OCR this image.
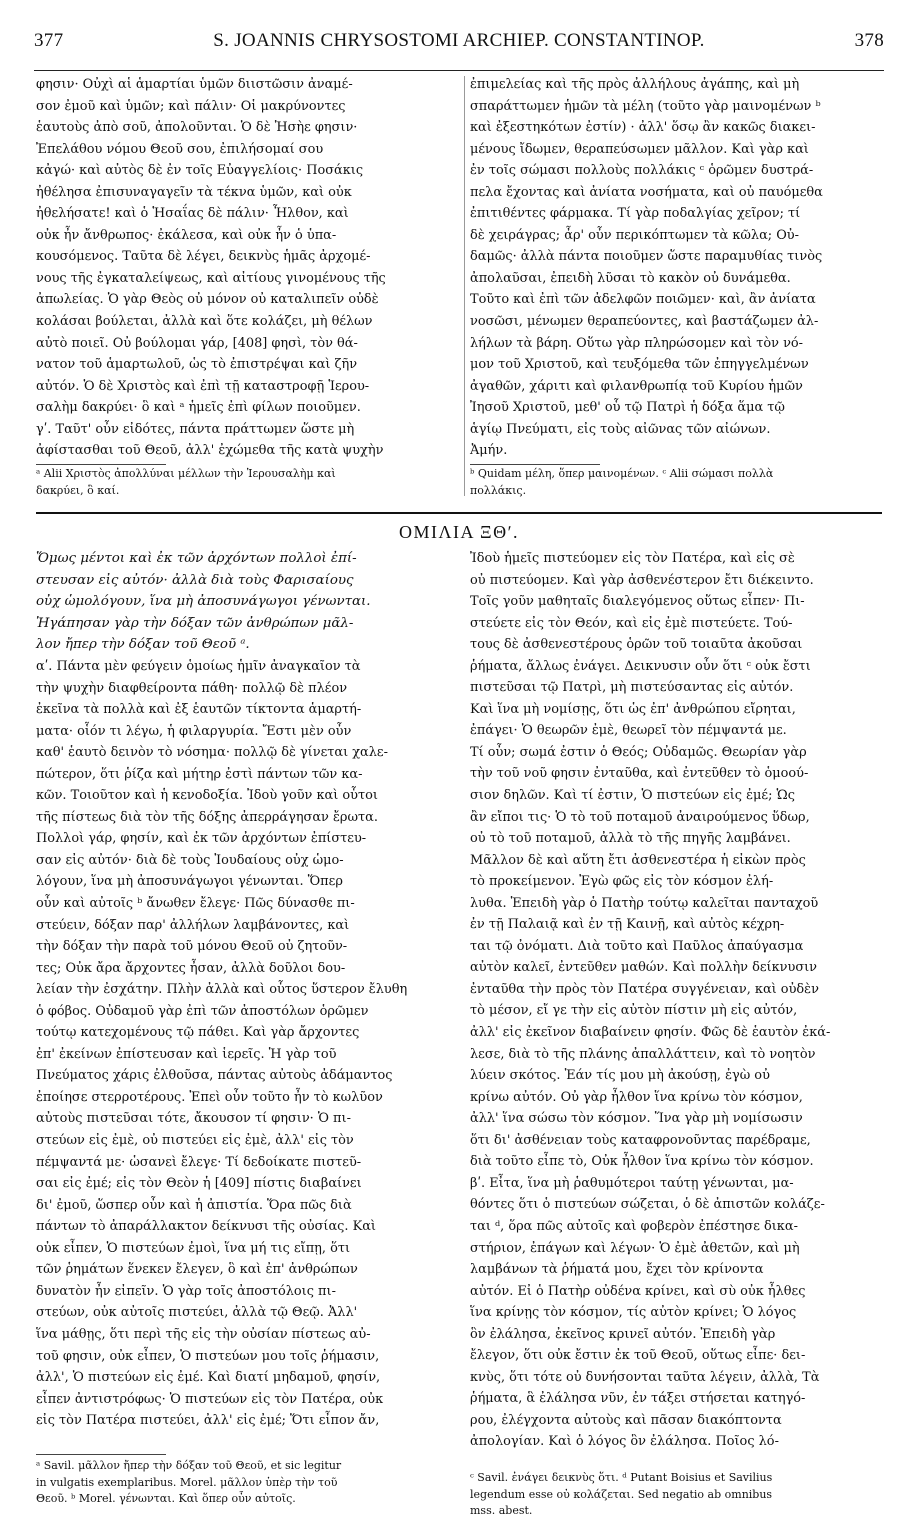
377	S. JOANNIS CHRYSOSTOMI ARCHIEP. CONSTANTINOP.	378

φησιν· Οὐχὶ αἱ ἁμαρτίαι ὑμῶν διιστῶσιν ἀναμέ-
σον ἐμοῦ καὶ ὑμῶν; καὶ πάλιν· Οἱ μακρύνοντες
ἑαυτοὺς ἀπὸ σοῦ, ἀπολοῦνται. Ὁ δὲ Ἠσὴε φησιν·
Ἐπελάθου νόμου Θεοῦ σου, ἐπιλήσομαί σου
κἀγώ· καὶ αὐτὸς δὲ ἐν τοῖς Εὐαγγελίοις· Ποσάκις
ἠθέλησα ἐπισυναγαγεῖν τὰ τέκνα ὑμῶν, καὶ οὐκ
ἠθελήσατε! καὶ ὁ Ἡσαΐας δὲ πάλιν· Ἦλθον, καὶ
οὐκ ἦν ἄνθρωπος· ἐκάλεσα, καὶ οὐκ ἦν ὁ ὑπα-
κουσόμενος. Ταῦτα δὲ λέγει, δεικνὺς ἡμᾶς ἀρχομέ-
νους τῆς ἐγκαταλείψεως, καὶ αἰτίους γινομένους τῆς
ἀπωλείας. Ὁ γὰρ Θεὸς οὐ μόνον οὐ καταλιπεῖν οὐδὲ
κολάσαι βούλεται, ἀλλὰ καὶ ὅτε κολάζει, μὴ θέλων
αὐτὸ ποιεῖ. Οὐ βούλομαι γάρ, [408] φησὶ, τὸν θά-
νατον τοῦ ἁμαρτωλοῦ, ὡς τὸ ἐπιστρέψαι καὶ ζῆν
αὐτόν. Ὁ δὲ Χριστὸς καὶ ἐπὶ τῇ καταστροφῇ Ἱερου-
σαλὴμ δακρύει· ὃ καὶ ᵃ ἡμεῖς ἐπὶ φίλων ποιοῦμεν.
γʹ. Ταῦτ' οὖν εἰδότες, πάντα πράττωμεν ὥστε μὴ
ἀφίστασθαι τοῦ Θεοῦ, ἀλλ' ἐχώμεθα τῆς κατὰ ψυχὴν

ἐπιμελείας καὶ τῆς πρὸς ἀλλήλους ἀγάπης, καὶ μὴ
σπαράττωμεν ἡμῶν τὰ μέλη (τοῦτο γὰρ μαινομένων ᵇ
καὶ ἐξεστηκότων ἐστίν) · ἀλλ' ὅσῳ ἂν κακῶς διακει-
μένους ἴδωμεν, θεραπεύσωμεν μᾶλλον. Καὶ γὰρ καὶ
ἐν τοῖς σώμασι πολλοὺς πολλάκις ᶜ ὁρῶμεν δυστρά-
πελα ἔχοντας καὶ ἀνίατα νοσήματα, καὶ οὐ παυόμεθα
ἐπιτιθέντες φάρμακα. Τί γὰρ ποδαλγίας χεῖρον; τί
δὲ χειράγρας; ἆρ' οὖν περικόπτωμεν τὰ κῶλα; Οὐ-
δαμῶς· ἀλλὰ πάντα ποιοῦμεν ὥστε παραμυθίας τινὸς
ἀπολαῦσαι, ἐπειδὴ λῦσαι τὸ κακὸν οὐ δυνάμεθα.
Τοῦτο καὶ ἐπὶ τῶν ἀδελφῶν ποιῶμεν· καὶ, ἂν ἀνίατα
νοσῶσι, μένωμεν θεραπεύοντες, καὶ βαστάζωμεν ἀλ-
λήλων τὰ βάρη. Οὕτω γὰρ πληρώσομεν καὶ τὸν νό-
μον τοῦ Χριστοῦ, καὶ τευξόμεθα τῶν ἐπηγγελμένων
ἀγαθῶν, χάριτι καὶ φιλανθρωπίᾳ τοῦ Κυρίου ἡμῶν
Ἰησοῦ Χριστοῦ, μεθ' οὗ τῷ Πατρὶ ἡ δόξα ἅμα τῷ
ἁγίῳ Πνεύματι, εἰς τοὺς αἰῶνας τῶν αἰώνων.
Ἀμήν.

ᵃ Alii Χριστὸς ἀπολλύναι μέλλων τὴν Ἱερουσαλὴμ καὶ
δακρύει, ὃ καί.
ᵇ Quidam μέλη, ὅπερ μαινομένων. ᶜ Alii σώμασι πολλὰ
πολλάκις.
ΟΜΙΛΙΑ ΞΘʹ.
Ὅμως μέντοι καὶ ἐκ τῶν ἀρχόντων πολλοὶ ἐπί-
στευσαν εἰς αὐτόν· ἀλλὰ διὰ τοὺς Φαρισαίους
οὐχ ὡμολόγουν, ἵνα μὴ ἀποσυνάγωγοι γένωνται.
Ἠγάπησαν γὰρ τὴν δόξαν τῶν ἀνθρώπων μᾶλ-
λον ἤπερ τὴν δόξαν τοῦ Θεοῦ ᵃ.

αʹ. Πάντα μὲν φεύγειν ὁμοίως ἡμῖν ἀναγκαῖον τὰ
τὴν ψυχὴν διαφθείροντα πάθη· πολλῷ δὲ πλέον
ἐκεῖνα τὰ πολλὰ καὶ ἐξ ἑαυτῶν τίκτοντα ἁμαρτή-
ματα· οἷόν τι λέγω, ἡ φιλαργυρία. Ἔστι μὲν οὖν
καθ' ἑαυτὸ δεινὸν τὸ νόσημα· πολλῷ δὲ γίνεται χαλε-
πώτερον, ὅτι ῥίζα καὶ μήτηρ ἐστὶ πάντων τῶν κα-
κῶν. Τοιοῦτον καὶ ἡ κενοδοξία. Ἰδοὺ γοῦν καὶ οὗτοι
τῆς πίστεως διὰ τὸν τῆς δόξης ἀπερράγησαν ἔρωτα.
Πολλοὶ γάρ, φησίν, καὶ ἐκ τῶν ἀρχόντων ἐπίστευ-
σαν εἰς αὐτόν· διὰ δὲ τοὺς Ἰουδαίους οὐχ ὡμο-
λόγουν, ἵνα μὴ ἀποσυνάγωγοι γένωνται. Ὅπερ
οὖν καὶ αὐτοῖς ᵇ ἄνωθεν ἔλεγε· Πῶς δύνασθε πι-
στεύειν, δόξαν παρ' ἀλλήλων λαμβάνοντες, καὶ
τὴν δόξαν τὴν παρὰ τοῦ μόνου Θεοῦ οὐ ζητοῦν-
τες; Οὐκ ἄρα ἄρχοντες ἦσαν, ἀλλὰ δοῦλοι δου-
λείαν τὴν ἐσχάτην. Πλὴν ἀλλὰ καὶ οὗτος ὕστερον ἔλυθη
ὁ φόβος. Οὐδαμοῦ γὰρ ἐπὶ τῶν ἀποστόλων ὁρῶμεν
τούτῳ κατεχομένους τῷ πάθει. Καὶ γὰρ ἄρχοντες
ἐπ' ἐκείνων ἐπίστευσαν καὶ ἱερεῖς. Ἡ γὰρ τοῦ
Πνεύματος χάρις ἐλθοῦσα, πάντας αὐτοὺς ἀδάμαντος
ἐποίησε στερροτέρους. Ἐπεὶ οὖν τοῦτο ἦν τὸ κωλῦον
αὐτοὺς πιστεῦσαι τότε, ἄκουσον τί φησιν· Ὁ πι-
στεύων εἰς ἐμὲ, οὐ πιστεύει εἰς ἐμὲ, ἀλλ' εἰς τὸν
πέμψαντά με· ὡσανεὶ ἔλεγε· Τί δεδοίκατε πιστεῦ-
σαι εἰς ἐμέ; εἰς τὸν Θεὸν ἡ [409] πίστις διαβαίνει
δι' ἐμοῦ, ὥσπερ οὖν καὶ ἡ ἀπιστία. Ὅρα πῶς διὰ
πάντων τὸ ἀπαράλλακτον δείκνυσι τῆς οὐσίας. Καὶ
οὐκ εἶπεν, Ὁ πιστεύων ἐμοὶ, ἵνα μή τις εἴπῃ, ὅτι
τῶν ῥημάτων ἕνεκεν ἔλεγεν, ὃ καὶ ἐπ' ἀνθρώπων
δυνατὸν ἦν εἰπεῖν. Ὁ γὰρ τοῖς ἀποστόλοις πι-
στεύων, οὐκ αὐτοῖς πιστεύει, ἀλλὰ τῷ Θεῷ. Ἀλλ'
ἵνα μάθῃς, ὅτι περὶ τῆς εἰς τὴν οὐσίαν πίστεως αὐ-
τοῦ φησιν, οὐκ εἶπεν, Ὁ πιστεύων μου τοῖς ῥήμασιν,
ἀλλ', Ὁ πιστεύων εἰς ἐμέ. Καὶ διατί μηδαμοῦ, φησίν,
εἶπεν ἀντιστρόφως· Ὁ πιστεύων εἰς τὸν Πατέρα, οὐκ
εἰς τὸν Πατέρα πιστεύει, ἀλλ' εἰς ἐμέ; Ὅτι εἶπον ἄν,

Ἰδοὺ ἡμεῖς πιστεύομεν εἰς τὸν Πατέρα, καὶ εἰς σὲ
οὐ πιστεύομεν. Καὶ γὰρ ἀσθενέστερον ἔτι διέκειντο.
Τοῖς γοῦν μαθηταῖς διαλεγόμενος οὕτως εἶπεν· Πι-
στεύετε εἰς τὸν Θεόν, καὶ εἰς ἐμὲ πιστεύετε. Τού-
τους δὲ ἀσθενεστέρους ὁρῶν τοῦ τοιαῦτα ἀκοῦσαι
ῥήματα, ἄλλως ἐνάγει. Δεικνυσιν οὖν ὅτι ᶜ οὐκ ἔστι
πιστεῦσαι τῷ Πατρὶ, μὴ πιστεύσαντας εἰς αὐτόν.
Καὶ ἵνα μὴ νομίσῃς, ὅτι ὡς ἐπ' ἀνθρώπου εἴρηται,
ἐπάγει· Ὁ θεωρῶν ἐμὲ, θεωρεῖ τὸν πέμψαντά με.
Τί οὖν; σωμά ἐστιν ὁ Θεός; Οὐδαμῶς. Θεωρίαν γὰρ
τὴν τοῦ νοῦ φησιν ἐνταῦθα, καὶ ἐντεῦθεν τὸ ὁμοού-
σιον δηλῶν. Καὶ τί ἐστιν, Ὁ πιστεύων εἰς ἐμέ; Ὡς
ἂν εἴποι τις· Ὁ τὸ τοῦ ποταμοῦ ἀναιρούμενος ὕδωρ,
οὐ τὸ τοῦ ποταμοῦ, ἀλλὰ τὸ τῆς πηγῆς λαμβάνει.
Μᾶλλον δὲ καὶ αὕτη ἔτι ἀσθενεστέρα ἡ εἰκὼν πρὸς
τὸ προκείμενον. Ἐγὼ φῶς εἰς τὸν κόσμον ἐλή-
λυθα. Ἐπειδὴ γὰρ ὁ Πατὴρ τούτῳ καλεῖται πανταχοῦ
ἐν τῇ Παλαιᾷ καὶ ἐν τῇ Καινῇ, καὶ αὐτὸς κέχρη-
ται τῷ ὀνόματι. Διὰ τοῦτο καὶ Παῦλος ἀπαύγασμα
αὐτὸν καλεῖ, ἐντεῦθεν μαθών. Καὶ πολλὴν δείκνυσιν
ἐνταῦθα τὴν πρὸς τὸν Πατέρα συγγένειαν, καὶ οὐδὲν
τὸ μέσον, εἴ γε τὴν εἰς αὐτὸν πίστιν μὴ εἰς αὐτόν,
ἀλλ' εἰς ἐκεῖνον διαβαίνειν φησίν. Φῶς δὲ ἑαυτὸν ἐκά-
λεσε, διὰ τὸ τῆς πλάνης ἀπαλλάττειν, καὶ τὸ νοητὸν
λύειν σκότος. Ἐάν τίς μου μὴ ἀκούσῃ, ἐγὼ οὐ
κρίνω αὐτόν. Οὐ γὰρ ἦλθον ἵνα κρίνω τὸν κόσμον,
ἀλλ' ἵνα σώσω τὸν κόσμον. Ἵνα γὰρ μὴ νομίσωσιν
ὅτι δι' ἀσθένειαν τοὺς καταφρονοῦντας παρέδραμε,
διὰ τοῦτο εἶπε τὸ, Οὐκ ἦλθον ἵνα κρίνω τὸν κόσμον.
βʹ. Εἶτα, ἵνα μὴ ῥαθυμότεροι ταύτῃ γένωνται, μα-
θόντες ὅτι ὁ πιστεύων σώζεται, ὁ δὲ ἀπιστῶν κολάζε-
ται ᵈ, ὅρα πῶς αὐτοῖς καὶ φοβερὸν ἐπέστησε δικα-
στήριον, ἐπάγων καὶ λέγων· Ὁ ἐμὲ ἀθετῶν, καὶ μὴ
λαμβάνων τὰ ῥήματά μου, ἔχει τὸν κρίνοντα
αὐτόν. Εἰ ὁ Πατὴρ οὐδένα κρίνει, καὶ σὺ οὐκ ἦλθες
ἵνα κρίνῃς τὸν κόσμον, τίς αὐτὸν κρίνει; Ὁ λόγος
ὃν ἐλάλησα, ἐκεῖνος κρινεῖ αὐτόν. Ἐπειδὴ γὰρ
ἔλεγον, ὅτι οὐκ ἔστιν ἐκ τοῦ Θεοῦ, οὕτως εἶπε· δει-
κνὺς, ὅτι τότε οὐ δυνήσονται ταῦτα λέγειν, ἀλλὰ, Τὰ
ῥήματα, ἃ ἐλάλησα νῦν, ἐν τάξει στήσεται κατηγό-
ρου, ἐλέγχοντα αὐτοὺς καὶ πᾶσαν διακόπτοντα
ἀπολογίαν. Καὶ ὁ λόγος ὃν ἐλάλησα. Ποῖος λό-

ᵃ Savil. μᾶλλον ἤπερ τὴν δόξαν τοῦ Θεοῦ, et sic legitur
in vulgatis exemplaribus. Morel. μᾶλλον ὑπὲρ τὴν τοῦ
Θεοῦ. ᵇ Morel. γένωνται. Καὶ ὅπερ οὖν αὐτοῖς.
ᶜ Savil. ἐνάγει δεικνὺς ὅτι. ᵈ Putant Boisius et Savilius
legendum esse οὐ κολάζεται. Sed negatio ab omnibus
mss. abest.
